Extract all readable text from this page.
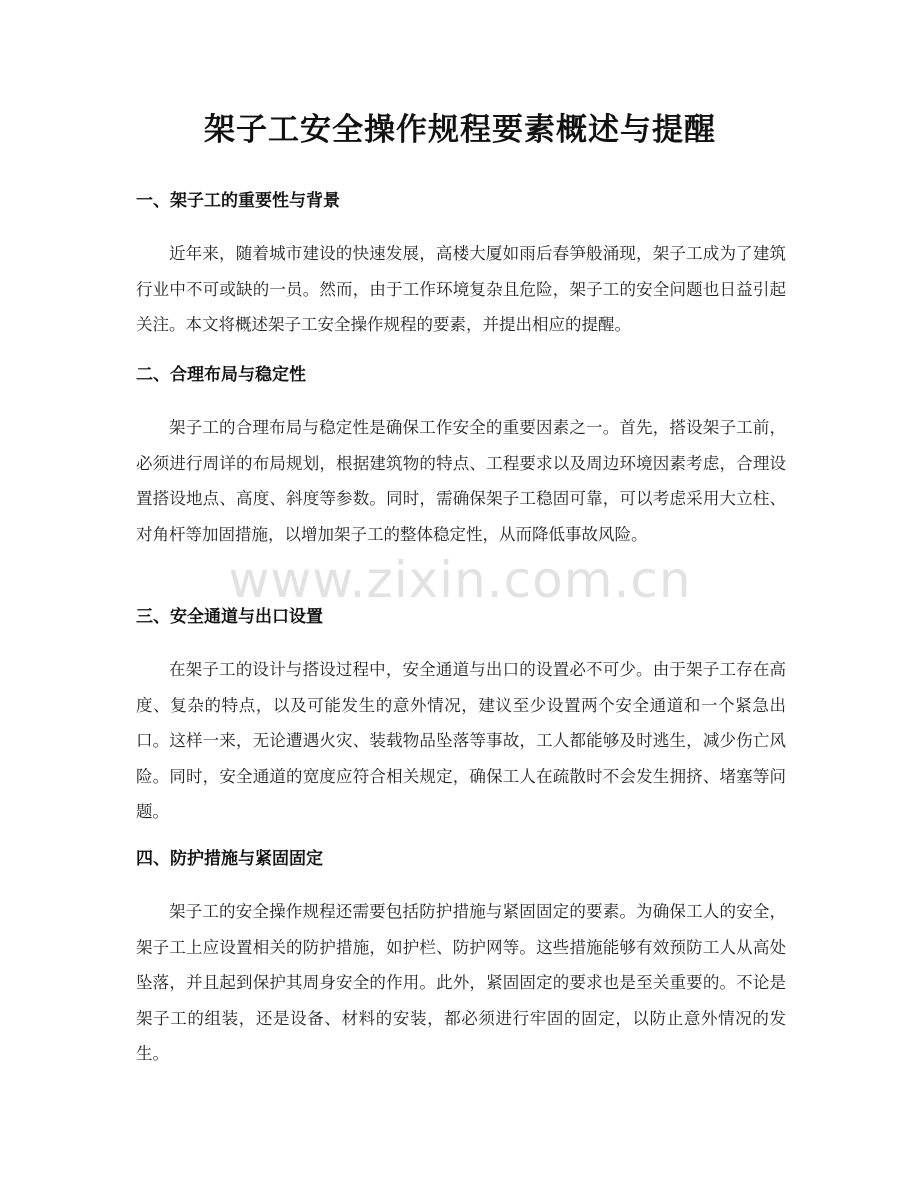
架子工安全操作规程要素概述与提醒
一、架子工的重要性与背景

近年来，随着城市建设的快速发展，高楼大厦如雨后春笋般涌现，架子工成为了建筑行业中不可或缺的一员。然而，由于工作环境复杂且危险，架子工的安全问题也日益引起关注。本文将概述架子工安全操作规程的要素，并提出相应的提醒。

二、合理布局与稳定性

架子工的合理布局与稳定性是确保工作安全的重要因素之一。首先，搭设架子工前，必须进行周详的布局规划，根据建筑物的特点、工程要求以及周边环境因素考虑，合理设置搭设地点、高度、斜度等参数。同时，需确保架子工稳固可靠，可以考虑采用大立柱、对角杆等加固措施，以增加架子工的整体稳定性，从而降低事故风险。

三、安全通道与出口设置

在架子工的设计与搭设过程中，安全通道与出口的设置必不可少。由于架子工存在高度、复杂的特点，以及可能发生的意外情况，建议至少设置两个安全通道和一个紧急出口。这样一来，无论遭遇火灾、装载物品坠落等事故，工人都能够及时逃生，减少伤亡风险。同时，安全通道的宽度应符合相关规定，确保工人在疏散时不会发生拥挤、堵塞等问题。

四、防护措施与紧固固定

架子工的安全操作规程还需要包括防护措施与紧固固定的要素。为确保工人的安全，架子工上应设置相关的防护措施，如护栏、防护网等。这些措施能够有效预防工人从高处坠落，并且起到保护其周身安全的作用。此外，紧固固定的要求也是至关重要的。不论是架子工的组装，还是设备、材料的安装，都必须进行牢固的固定，以防止意外情况的发生。

www.zixin.com.cn
